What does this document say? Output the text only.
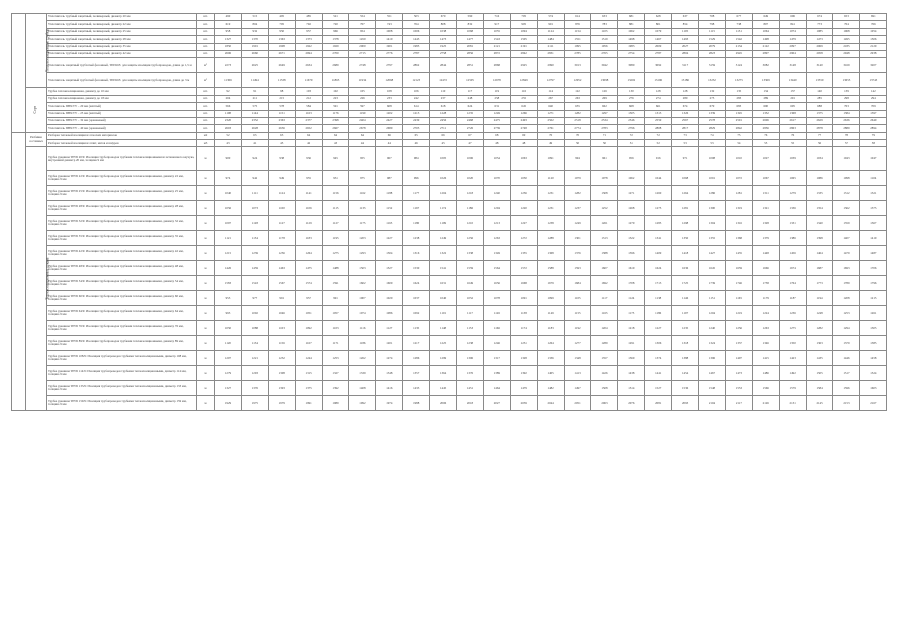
	Теплоизоляционные трубки	Уплотнитель трубный защитный, полимерный, диаметр 20 мм	шт.	490	515	495	485	521	554	551	503	670	590	716	705	574	614	633	681	628	637	708	677	649	606	674	653	691
		Уплотнитель трубный защитный, полимерный, диаметр 22 мм	шт.	619	804	795	792	720	707	743	764	808	832	917	905	901	876	783	881	801	854	798	738	807	841	773	704	766
		Уплотнитель трубный защитный, полимерный, диаметр 25 мм	шт.	958	932	950	957	966	954	1008	1006	1038	1068	1055	1094	1124	1154	1103	1062	1079	1105	1115	1151	1064	1074	1085	1068	1054
		Уплотнитель трубный защитный, полимерный, диаметр 28 мм	шт.	1327	1370	1363	1373	1378	1450	1410	1443	1473	1477	1543	1505	1484	1551	1519	1498	1467	1493	1529	1542	1498	1479	1473	1495	1506
		Уплотнитель трубный защитный, полимерный, диаметр 35 мм	шт.	1850	1901	1908	1922	1929	2000	1901	1985	1925	2081	2121	2191	2111	1995	1956	1983	2009	2027	2079	2134	2122	2097	2069	2185	2129
		Уплотнитель трубный защитный, полимерный, диаметр 42 мм	шт.	2606	2660	2671	2694	2700	2715	2776	2787	2758	2856	2872	2842	2831	2785	2765	2754	2787	2804	2823	2945	2897	2904	2958	2948	2938
		Уплотнитель защитный трубчатый фасонный, ТИП165: для защиты изоляции трубопроводов, длина до 1,5 м	м²	2273	2625	2649	2634	2689	2748	2797	2862	2844	2851	2868	2925	2990	3013	3042	3080	3092	3117	3159	3124	3082	3148	3140	3169	3207
		Уплотнитель защитный трубчатый фасонный, ТИП165: для защиты изоляции трубопроводов, длина до 3 м	м²	11306	11494	11538	11679	11865	11934	12068	12123	12472	12505	12678	12849	12797	12952	13098	13202	13196	13186	13232	13275	13369	13440	13550	13655	13743
	Сорт	Трубка теплоизоляционная, диаметр до 10 мм	шт.	92	91	98	103	102	105	108	106	110	117	119	116	114	122	126	130	128	128	132	135	134	137	140	139	142
		Трубка теплоизоляционная, диаметр до 18 мм	шт.	204	211	215	212	223	226	233	242	237	248	258	255	267	263	269	276	274	280	275	283	289	291	285	298	294
		Уплотнитель ПВХ/ТУ – 20 мм (жёлтый)	шт.	566	575	578	584	591	597	608	614	618	624	631	645	640	655	662	668	661	674	679	683	690	695	688	703	709
		Уплотнитель ПВХ/ТУ – 25 мм (жёлтый)	шт.	1108	1144	1151	1163	1176	1190	1202	1213	1228	1235	1249	1266	1271	1282	1297	1305	1313	1326	1339	1345	1352	1368	1375	1384	1397
		Уплотнитель ПВХ/ТУ – 32 мм (оранжевый)	шт.	2320	2352	2363	2377	2398	2404	2427	2439	2456	2468	2475	2493	2502	2518	2534	2546	2559	2567	2578	2591	2606	2617	2629	2636	2649
		Уплотнитель ПВХ/ТУ – 40 мм (оранжевый)	шт.	2603	2628	2636	2652	2667	2678	2689	2703	2711	2726	2739	2748	2761	2774	2783	2796	2808	2817	2829	2842	2856	2863	2878	2889	2894
	Разбивка составных	Разборка тепловой изоляции из плоских материалов	м2	52	63	63	64	64	64	66	65	66	67	68	69	70	70	71	72	72	73	74	75	76	76	77	78	79
		Разборка тепловой изоляции из плит, матов и шнуров	м3	43	41	45	42	43	44	44	46	45	47	48	48	49	50	50	51	52	53	53	54	55	55	56	57	58
	Теплоизоляционные рукава	Трубка рукавная ТРУБ 20/9: Изоляция трубопроводов трубками теплоизоляционными из вспененного каучука, внутренний диаметр 20 мм, толщина 9 мм	м	900	924	938	936	945	955	967	984	1005	1006	1054	1063	1091	994	961	956	916	971	1008	1010	1027	1039	1034	1043	1047
		Трубка рукавная ТРУБ 22/9: Изоляция трубопроводов трубками теплоизоляционными, диаметр 22 мм, толщина 9 мм	м	974	942	949	955	931	975	987	996	1026	1020	1070	1050	1120	1079	1078	1062	1044	1068	1091	1072	1067	1065	1086	1098	1104
		Трубка рукавная ТРУБ 25/9: Изоляция трубопроводов трубками теплоизоляционными, диаметр 25 мм, толщина 9 мм	м	1040	1111	1124	1141	1156	1162	1188	1177	1204	1218	1240	1256	1231	1282	1308	1271	1260	1264	1286	1281	1311	1279	1335	1312	1321
		Трубка рукавная ТРУБ 28/9: Изоляция трубопроводов трубками теплоизоляционными, диаметр 28 мм, толщина 9 мм	м	1056	1073	1100	1106	1115	1133	1152	1167	1174	1186	1204	1220	1231	1237	1252	1268	1275	1281	1300	1319	1321	1336	1354	1362	1375
		Трубка рукавная ТРУБ 32/9: Изоляция трубопроводов трубками теплоизоляционными, диаметр 32 мм, толщина 9 мм	м	1097	1128	1127	1129	1127	1175	1165	1180	1199	1210	1213	1227	1238	1249	1261	1279	1285	1298	1304	1316	1328	1331	1340	1359	1367
		Трубка рукавная ТРУБ 35/9: Изоляция трубопроводов трубками теплоизоляционными, диаметр 35 мм, толщина 9 мм	м	1121	1154	1178	1183	1195	1203	1227	1238	1249	1256	1263	1272	1288	1301	1313	1322	1341	1350	1355	1368	1379	1386	1398	1407	1419
		Трубка рукавная ТРУБ 42/9: Изоляция трубопроводов трубками теплоизоляционными, диаметр 42 мм, толщина 9 мм	м	1215	1239	1256	1264	1275	1293	1304	1316	1322	1338	1349	1355	1368	1376	1388	1396	1409	1418	1427	1435	1448	1456	1464	1479	1487
		Трубка рукавная ТРУБ 48/9: Изоляция трубопроводов трубками теплоизоляционными, диаметр 48 мм, толщина 9 мм	м	1426	1459	1463	1475	1488	1503	1527	1530	1541	1559	1564	1572	1588	1593	1607	1619	1624	1636	1645	1659	1666	1674	1687	1693	1706
		Трубка рукавная ТРУБ 54/9: Изоляция трубопроводов трубками теплоизоляционными, диаметр 54 мм, толщина 9 мм	м	1583	1543	1567	1574	1591	1602	1609	1624	1631	1649	1656	1668	1679	1684	1692	1708	1713	1725	1739	1746	1758	1764	1773	1789	1796
		Трубка рукавная ТРУБ 60/9: Изоляция трубопроводов трубками теплоизоляционными, диаметр 60 мм, толщина 9 мм	м	953	977	991	957	991	1007	1020	1037	1040	1052	1078	1091	1099	1105	1117	1124	1138	1146	1151	1165	1179	1187	1194	1208	1215
		Трубка рукавная ТРУБ 64/9: Изоляция трубопроводов трубками теплоизоляционными, диаметр 64 мм, толщина 9 мм	м	993	1002	1046	1051	1057	1074	1086	1092	1101	1117	1126	1138	1149	1155	1163	1175	1186	1197	1204	1219	1224	1236	1248	1253	1261
		Трубка рукавная ТРУБ 76/9: Изоляция трубопроводов трубками теплоизоляционными, диаметр 76 мм, толщина 9 мм	м	1050	1088	1103	1092	1103	1116	1127	1135	1148	1153	1166	1174	1183	1192	1204	1218	1227	1235	1240	1256	1263	1275	1282	1294	1305
		Трубка рукавная ТРУБ 89/9: Изоляция трубопроводов трубками теплоизоляционными, диаметр 89 мм, толщина 9 мм	м	1120	1134	1156	1167	1171	1186	1201	1217	1225	1238	1246	1251	1264	1277	1289	1291	1306	1318	1324	1337	1346	1350	1363	1379	1385
		Трубка рукавная ТРУБ 108/9: Изоляция трубопроводов трубками теплоизоляционными, диаметр 108 мм, толщина 9 мм	м	1207	1221	1232	1244	1253	1262	1274	1286	1299	1306	1317	1328	1336	1348	1357	1369	1374	1388	1396	1407	1415	1423	1435	1446	1458
		Трубка рукавная ТРУБ 114/9: Изоляция трубопроводов трубками теплоизоляционными, диаметр 114 мм, толщина 9 мм	м	1279	1293	1308	1315	1327	1339	1348	1357	1364	1376	1389	1392	1405	1413	1426	1438	1441	1454	1467	1473	1486	1492	1505	1517	1524
		Трубка рукавная ТРУБ 133/9: Изоляция трубопроводов трубками теплоизоляционными, диаметр 133 мм, толщина 9 мм	м	1327	1376	1393	1375	1392	1408	1416	1433	1445	1451	1464	1479	1482	1497	1508	1514	1527	1536	1548	1553	1566	1579	1584	1596	1603
		Трубка рукавная ТРУБ 159/9: Изоляция трубопроводов трубками теплоизоляционными, диаметр 159 мм, толщина 9 мм	м	1929	1975	1979	1991	1989	1992	1974	1988	2006	2018	2027	2039	2044	2051	2063	2076	2081	2093	2104	2117	2126	2131	2145	2153	2167
